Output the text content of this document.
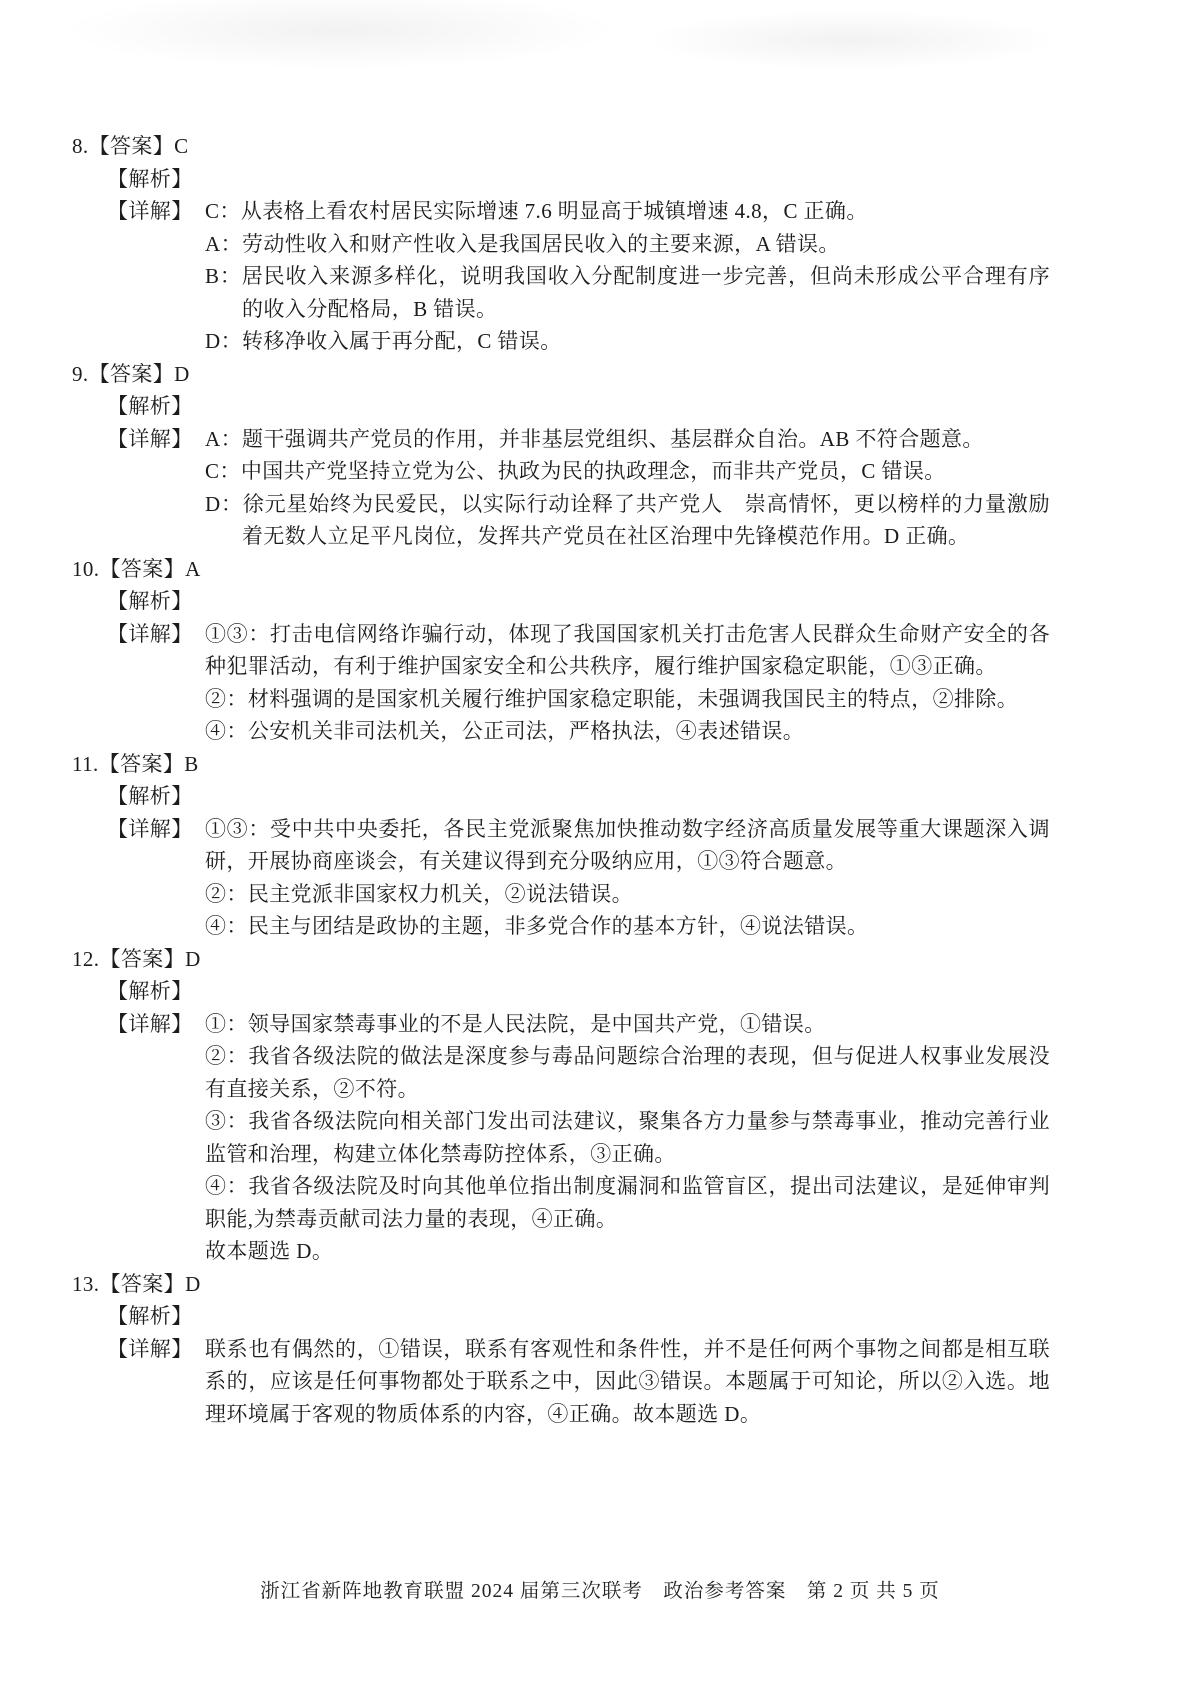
8.【答案】C
【解析】
【详解】 C：从表格上看农村居民实际增速 7.6 明显高于城镇增速 4.8，C 正确。

A：劳动性收入和财产性收入是我国居民收入的主要来源，A 错误。

B：居民收入来源多样化，说明我国收入分配制度进一步完善，但尚未形成公平合理有序的收入分配格局，B 错误。

D：转移净收入属于再分配，C 错误。

9.【答案】D
【解析】
【详解】 A：题干强调共产党员的作用，并非基层党组织、基层群众自治。AB 不符合题意。

C：中国共产党坚持立党为公、执政为民的执政理念，而非共产党员，C 错误。

D：徐元星始终为民爱民，以实际行动诠释了共产党人　崇高情怀，更以榜样的力量激励着无数人立足平凡岗位，发挥共产党员在社区治理中先锋模范作用。D 正确。

10.【答案】A
【解析】
【详解】 ①③：打击电信网络诈骗行动，体现了我国国家机关打击危害人民群众生命财产安全的各种犯罪活动，有利于维护国家安全和公共秩序，履行维护国家稳定职能，①③正确。

②：材料强调的是国家机关履行维护国家稳定职能，未强调我国民主的特点，②排除。

④：公安机关非司法机关，公正司法，严格执法，④表述错误。

11.【答案】B
【解析】
【详解】 ①③：受中共中央委托，各民主党派聚焦加快推动数字经济高质量发展等重大课题深入调研，开展协商座谈会，有关建议得到充分吸纳应用，①③符合题意。

②：民主党派非国家权力机关，②说法错误。

④：民主与团结是政协的主题，非多党合作的基本方针，④说法错误。

12.【答案】D
【解析】
【详解】 ①：领导国家禁毒事业的不是人民法院，是中国共产党，①错误。

②：我省各级法院的做法是深度参与毒品问题综合治理的表现，但与促进人权事业发展没有直接关系，②不符。

③：我省各级法院向相关部门发出司法建议，聚集各方力量参与禁毒事业，推动完善行业监管和治理，构建立体化禁毒防控体系，③正确。

④：我省各级法院及时向其他单位指出制度漏洞和监管盲区，提出司法建议，是延伸审判职能,为禁毒贡献司法力量的表现，④正确。

故本题选 D。

13.【答案】D
【解析】
【详解】 联系也有偶然的，①错误，联系有客观性和条件性，并不是任何两个事物之间都是相互联系的，应该是任何事物都处于联系之中，因此③错误。本题属于可知论，所以②入选。地理环境属于客观的物质体系的内容，④正确。故本题选 D。

浙江省新阵地教育联盟 2024 届第三次联考　政治参考答案　第 2 页 共 5 页
